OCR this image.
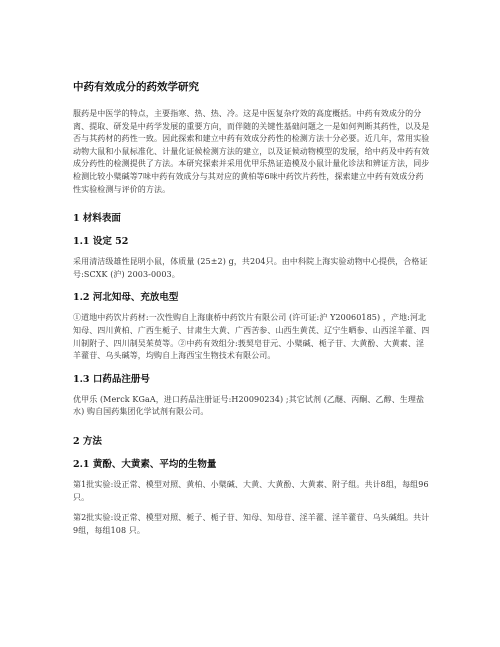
中药有效成分的药效学研究

服药是中医学的特点，主要指寒、热、热、冷。这是中医复杂疗效的高度概括。中药有效成分的分离、提取、研发是中药学发展的重要方向，而伴随的关键性基础问题之一是如何判断其药性，以及是否与其药材的药性一致。因此探索和建立中药有效成分药性的检测方法十分必要。近几年，常用实验动物大鼠和小鼠标准化、计量化证候检测方法的建立，以及证候动物模型的发展，给中药及中药有效成分药性的检测提供了方法。本研究探索并采用优甲乐热证造模及小鼠计量化诊法和辨证方法，同步检测比较小檗碱等7味中药有效成分与其对应的黄柏等6味中药饮片药性，探索建立中药有效成分药性实验检测与评价的方法。

1 材料表面
1.1 设定 52

采用清洁级雄性昆明小鼠，体质量 (25±2) g，共204只。由中科院上海实验动物中心提供，合格证号:SCXK (沪) 2003-0003。

1.2 河北知母、充放电型

①道地中药饮片药材:一次性购自上海康桥中药饮片有限公司 (许可证:沪 Y20060185) ，产地:河北知母、四川黄柏、广西生栀子、甘肃生大黄、广西苦参、山西生黄芪、辽宁生晒参、山西淫羊藿、四川制附子、四川制吴茱萸等。②中药有效组分:莪契皂苷元、小檗碱、栀子苷、大黄酚、大黄素、淫羊藿苷、乌头碱等，均购自上海西宝生物技术有限公司。

1.3 口药品注册号

优甲乐 (Merck KGaA，进口药品注册证号:H20090234) ;其它试剂 (乙醚、丙酮、乙醇、生理盐水) 购自国药集团化学试剂有限公司。

2 方法
2.1 黄酚、大黄素、平均的生物量

第1批实验:设正常、模型对照、黄柏、小檗碱、大黄、大黄酚、大黄素、附子组。共计8组，每组96 只。

第2批实验:设正常、模型对照、栀子、栀子苷、知母、知母苷、淫羊藿、淫羊藿苷、乌头碱组。共计9组，每组108 只。
